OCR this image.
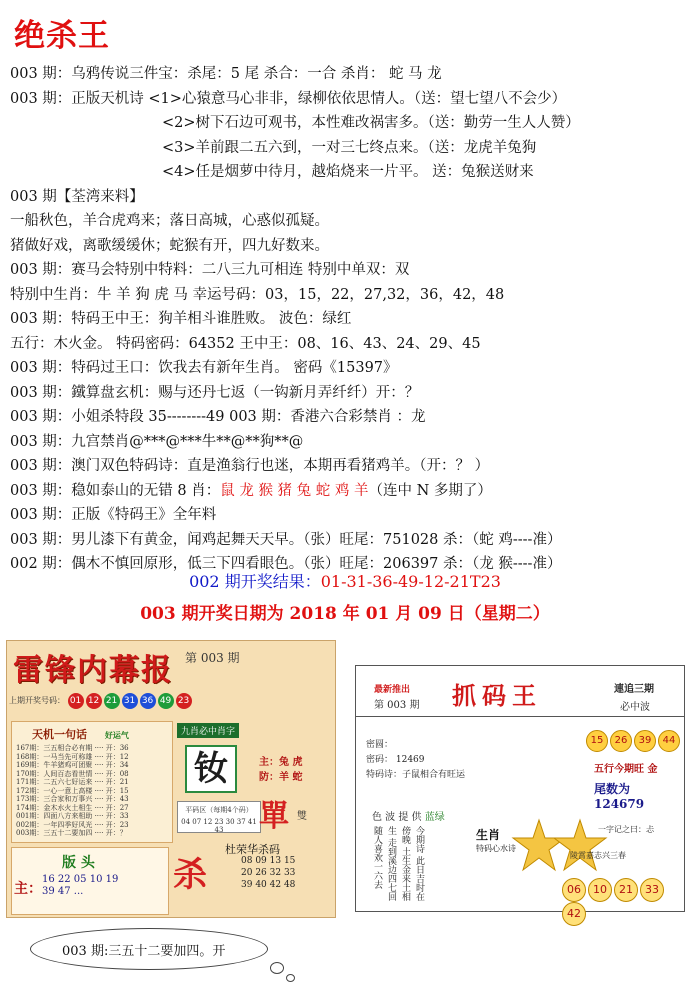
绝杀王
003 期：乌鸦传说三件宝：杀尾：5 尾 杀合：一合 杀肖： 蛇 马 龙
003 期：正版天机诗 <1>心猿意马心非非，绿柳依依思情人。（送：望七望八不会少）
<2>树下石边可观书，本性难改祸害多。（送：勤劳一生人人赞）
<3>羊前跟二五六到，一对三七终点来。（送：龙虎羊兔狗
<4>任是烟萝中待月，越焰烧来一片平。 送：兔猴送财来
003 期【荃湾来料】
一船秋色，羊合虎鸡来；落日高城，心惑似孤疑。
猪做好戏，离歌缓缓休；蛇猴有开，四九好数来。
003 期：赛马会特别中特料：二八三九可相连 特别中单双：双
特别中生肖：牛 羊 狗 虎 马 幸运号码：03，15，22，27,32，36，42，48
003 期：特码王中王：狗羊相斗谁胜败。 波色：绿红
五行：木火金。 特码密码：64352 王中王：08、16、43、24、29、45
003 期：特码过王口：饮我去有新年生肖。 密码《15397》
003 期：鐵算盘玄机：赐与还丹七返（一钩新月弄纤纤）开：？
003 期：小姐杀特段 35--------49 003 期：香港六合彩禁肖 ：龙
003 期：九宫禁肖@***@***牛**@**狗**@
003 期：澳门双色特码诗：直是渔翁行也迷，本期再看猪鸡羊。（开：？ ）
003 期：稳如泰山的无错 8 肖：鼠 龙 猴 猪 兔 蛇 鸡 羊（连中 N 多期了）
003 期：正版《特码王》全年料
003 期：男儿漆下有黄金，闻鸡起舞天天早。（张）旺尾：751028 杀：（蛇 鸡----准）
002 期：偶木不慎回原形，低三下四看眼色。（张）旺尾：206397 杀：（龙 猴----准）
002 期开奖结果：01-31-36-49-12-21T23
003 期开奖日期为 2018 年 01 月 09 日（星期二）
雷锋内幕报 第 003 期
上期开奖号码： 01 12 21 31 36 49 23
天机一句话 好运气
167期：三五相合必有期 ···· 开：36
168期：一马当先可称雄 ···· 开：12
169期：牛羊猪鸡可团聚 ···· 开：34
170期：人间百态看世情 ···· 开：08
171期：二五六七好运来 ···· 开：21
172期：一心一意上高楼 ···· 开：15
173期：三合家和万事兴 ···· 开：43
174期：金木水火土相生 ···· 开：27
001期：四面八方来相助 ···· 开：33
002期：一年四季好风光 ···· 开：23
003期：三五十二要加四 ···· 开：？
九肖必中肖字
钕	主：兔 虎
防：羊 蛇
平码区（每期4个码）
04 07 12 23 30 37 41 43	單 雙
杀
杜荣华杀码
08 09 13 15
20 26 32 33
39 40 42 48
版 头
主：
16 22 05 10 19
39 47 ...
最新推出
第 003 期 抓码王	連追三期
必中波
密圆：
密码： 12469
特码诗：子鼠相合有旺运
15 26 39 44
五行今期旺 金
尾数为 124679
色 波 提 供 蓝绿
今期诗 此日吉时在傍晚 土生金来土相生 走到溪边四七回 随人喜欢一六去	生肖
特码心水诗
一字记之曰：忐
陵霄嘉志兴三春
06 10 21 3342
003 期:三五十二要加四。开
